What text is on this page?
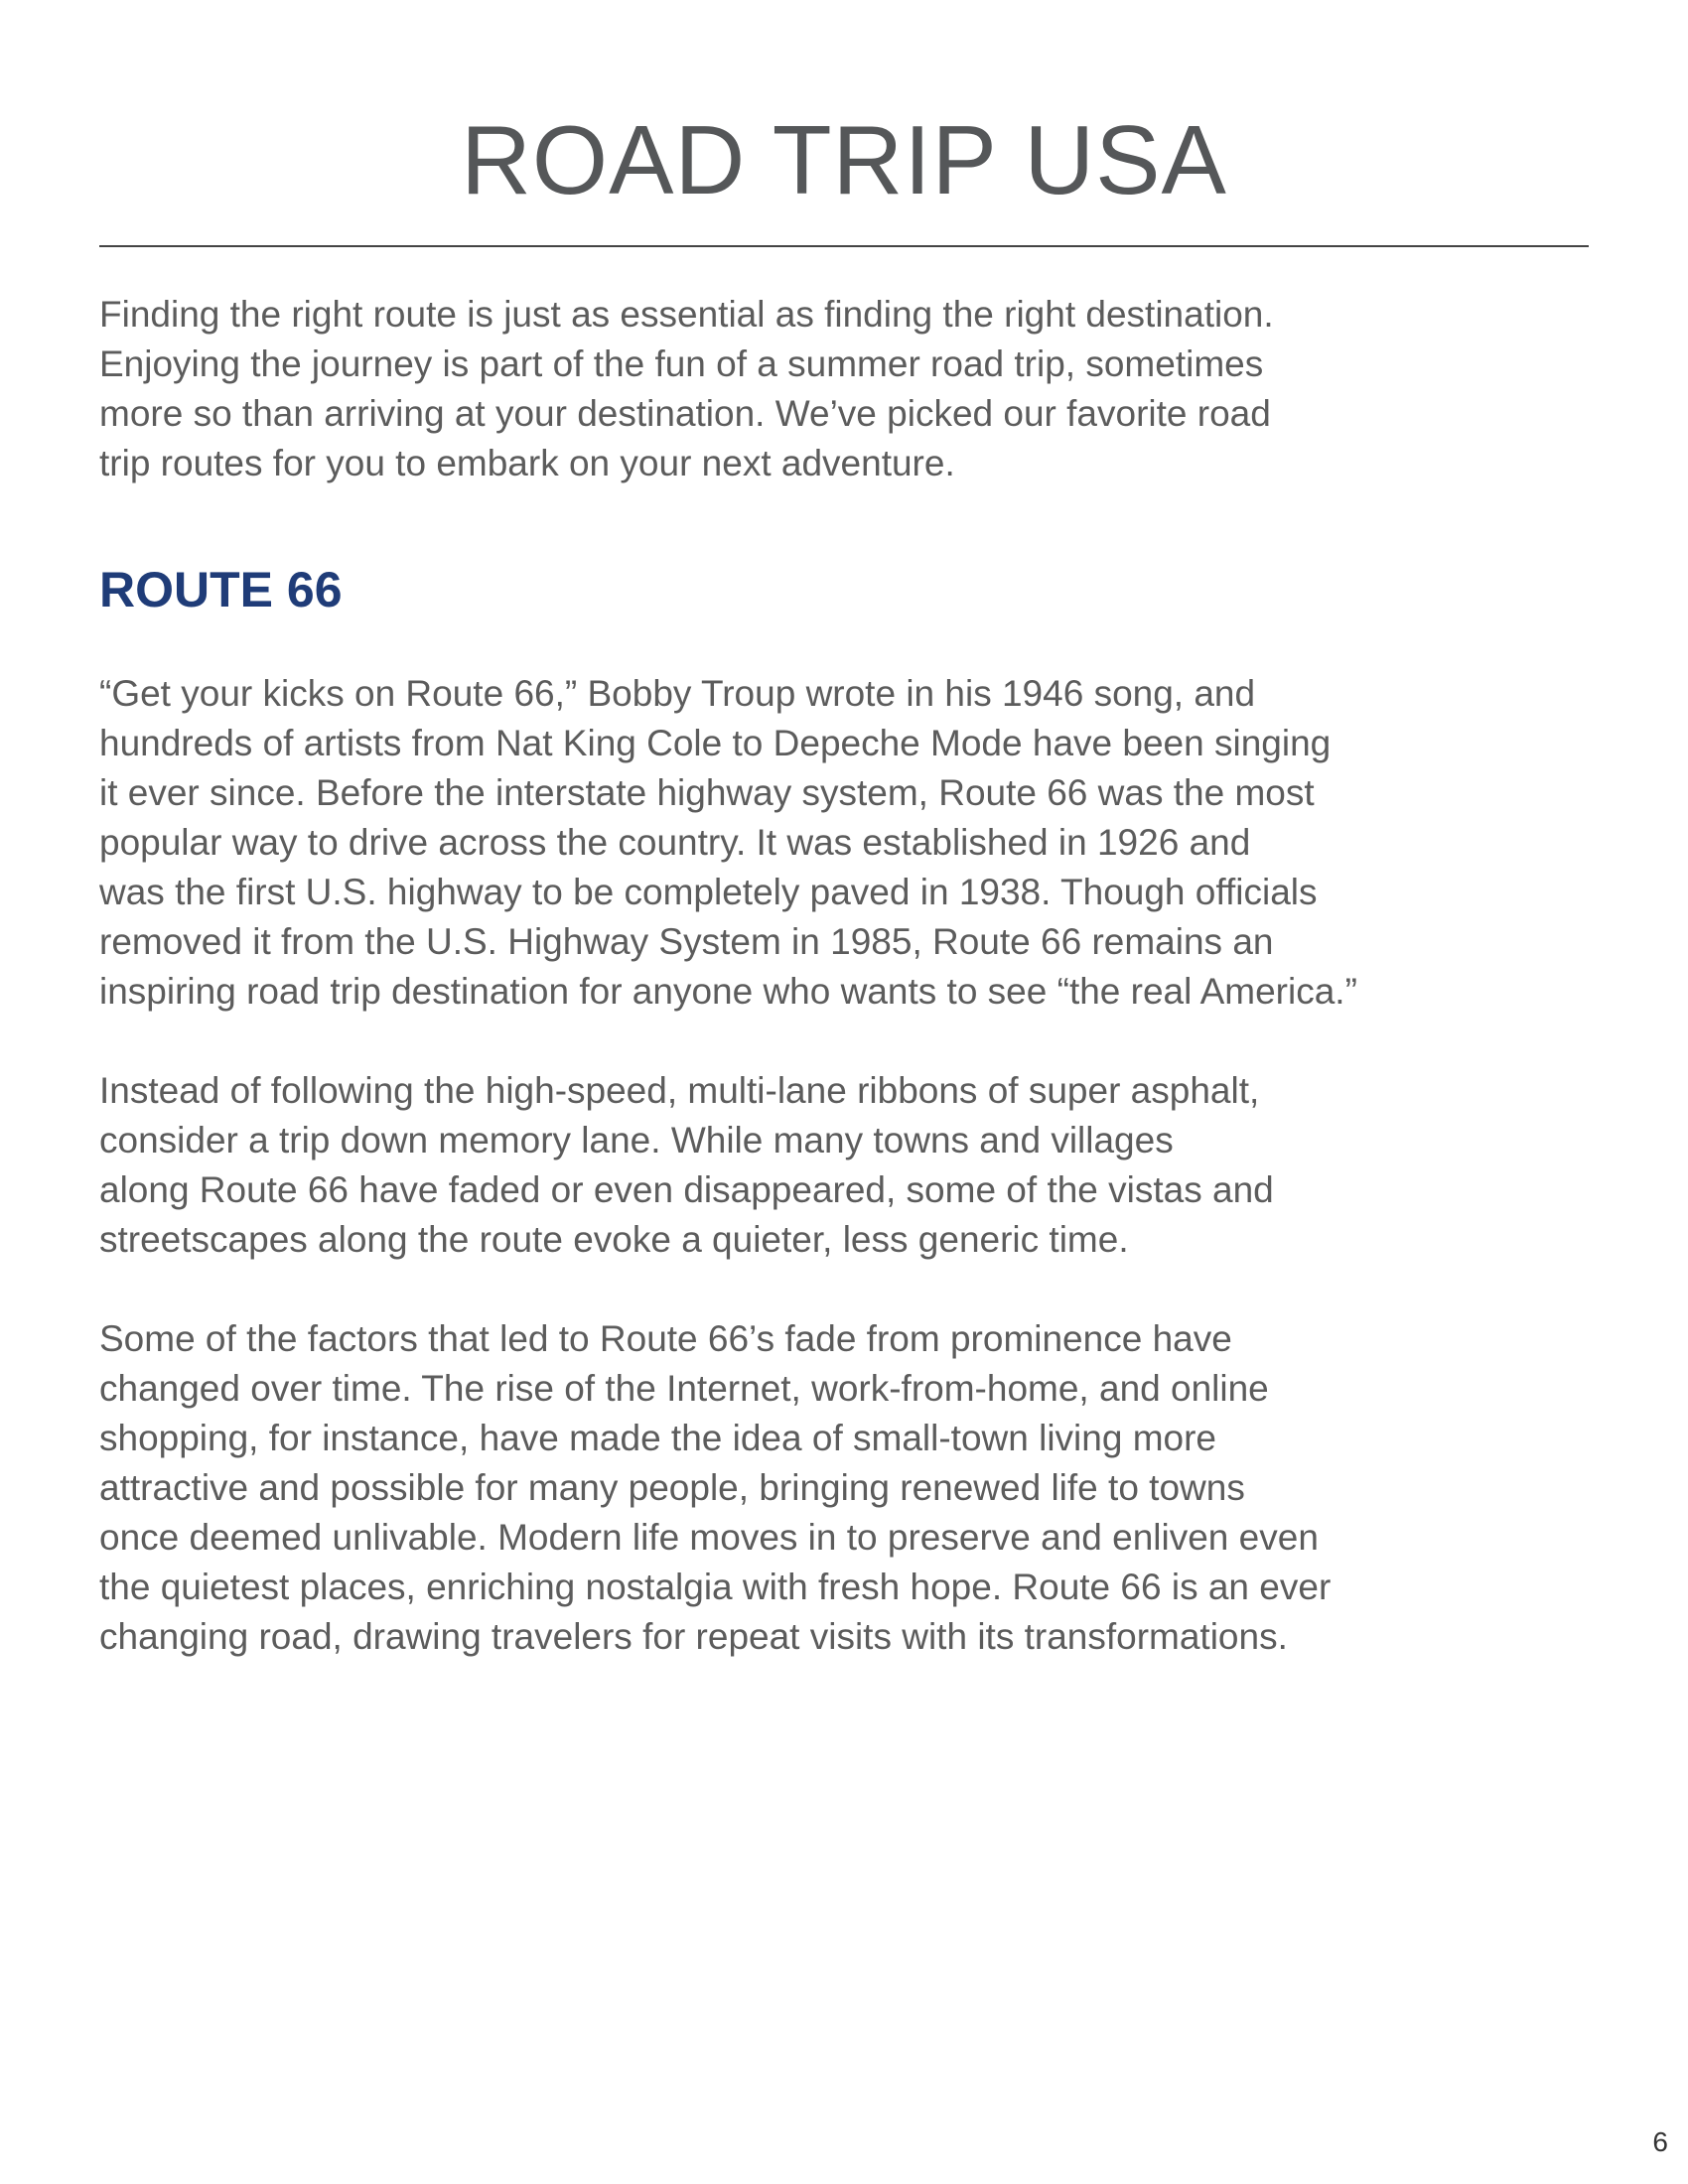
ROAD TRIP USA

Finding the right route is just as essential as finding the right destination.
Enjoying the journey is part of the fun of a summer road trip, sometimes
more so than arriving at your destination. We’ve picked our favorite road
trip routes for you to embark on your next adventure.

ROUTE 66

“Get your kicks on Route 66,” Bobby Troup wrote in his 1946 song, and
hundreds of artists from Nat King Cole to Depeche Mode have been singing
it ever since. Before the interstate highway system, Route 66 was the most
popular way to drive across the country. It was established in 1926 and
was the first U.S. highway to be completely paved in 1938. Though officials
removed it from the U.S. Highway System in 1985, Route 66 remains an
inspiring road trip destination for anyone who wants to see “the real America.”

Instead of following the high-speed, multi-lane ribbons of super asphalt,
consider a trip down memory lane. While many towns and villages
along Route 66 have faded or even disappeared, some of the vistas and
streetscapes along the route evoke a quieter, less generic time.

Some of the factors that led to Route 66’s fade from prominence have
changed over time. The rise of the Internet, work-from-home, and online
shopping, for instance, have made the idea of small-town living more
attractive and possible for many people, bringing renewed life to towns
once deemed unlivable. Modern life moves in to preserve and enliven even
the quietest places, enriching nostalgia with fresh hope. Route 66 is an ever
changing road, drawing travelers for repeat visits with its transformations.

6
